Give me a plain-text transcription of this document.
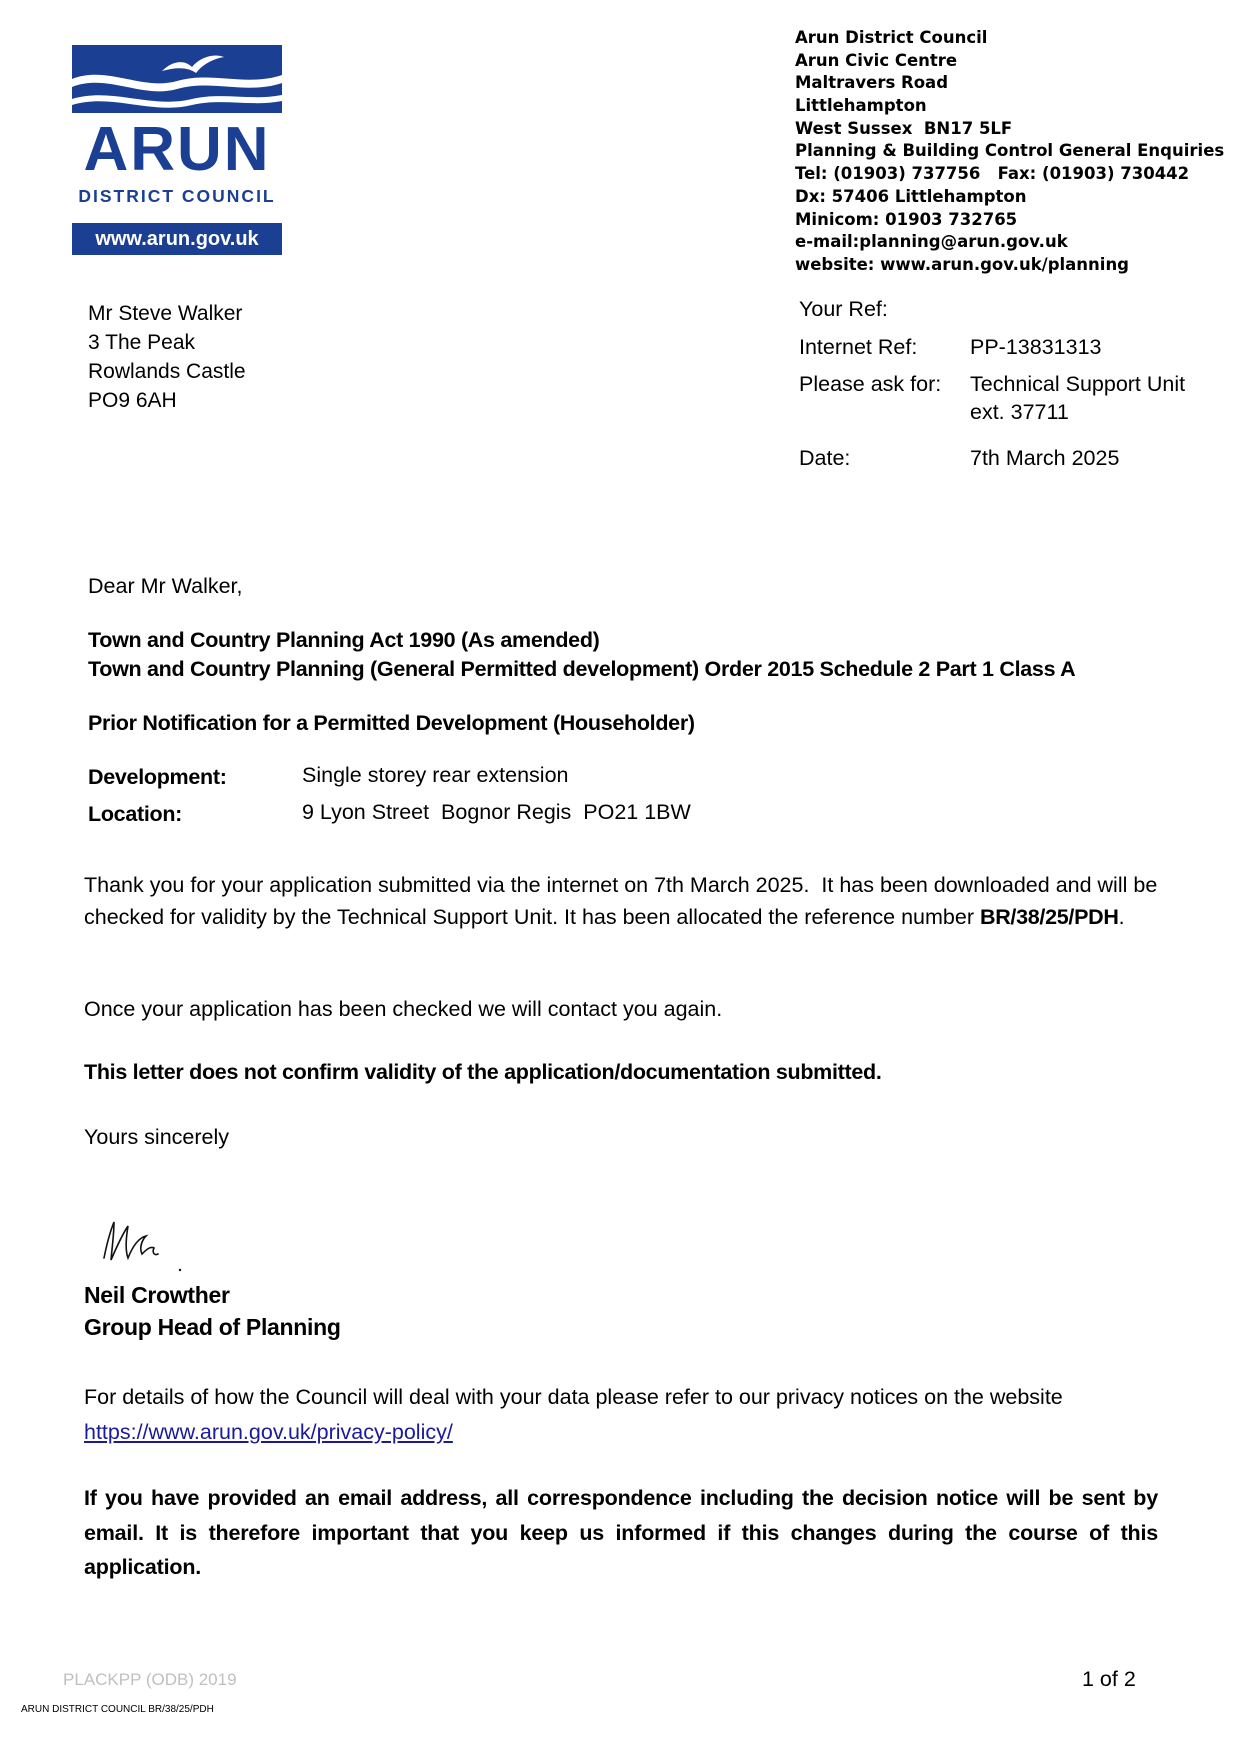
ARUN
DISTRICT COUNCIL
www.arun.gov.uk
Arun District Council
Arun Civic Centre
Maltravers Road
Littlehampton
West Sussex  BN17 5LF
Planning & Building Control General Enquiries
Tel: (01903) 737756   Fax: (01903) 730442
Dx: 57406 Littlehampton
Minicom: 01903 732765
e-mail:planning@arun.gov.uk
website: www.arun.gov.uk/planning
Mr Steve Walker
3 The Peak
Rowlands Castle
PO9 6AH
Your Ref:
Internet Ref: PP-13831313
Please ask for: Technical Support Unit
ext. 37711
Date:	7th March 2025
Dear Mr Walker,
Town and Country Planning Act 1990 (As amended)
Town and Country Planning (General Permitted development) Order 2015 Schedule 2 Part 1 Class A
Prior Notification for a Permitted Development (Householder)
Development:	Single storey rear extension
Location:	9 Lyon Street  Bognor Regis  PO21 1BW
Thank you for your application submitted via the internet on 7th March 2025.  It has been downloaded and will be checked for validity by the Technical Support Unit. It has been allocated the reference number BR/38/25/PDH.
Once your application has been checked we will contact you again.
This letter does not confirm validity of the application/documentation submitted.
Yours sincerely
Neil Crowther
Group Head of Planning
For details of how the Council will deal with your data please refer to our privacy notices on the website
https://www.arun.gov.uk/privacy-policy/
If you have provided an email address, all correspondence including the decision notice will be sent by email. It is therefore important that you keep us informed if this changes during the course of this application.
PLACKPP (ODB) 2019	1 of 2
ARUN DISTRICT COUNCIL BR/38/25/PDH
